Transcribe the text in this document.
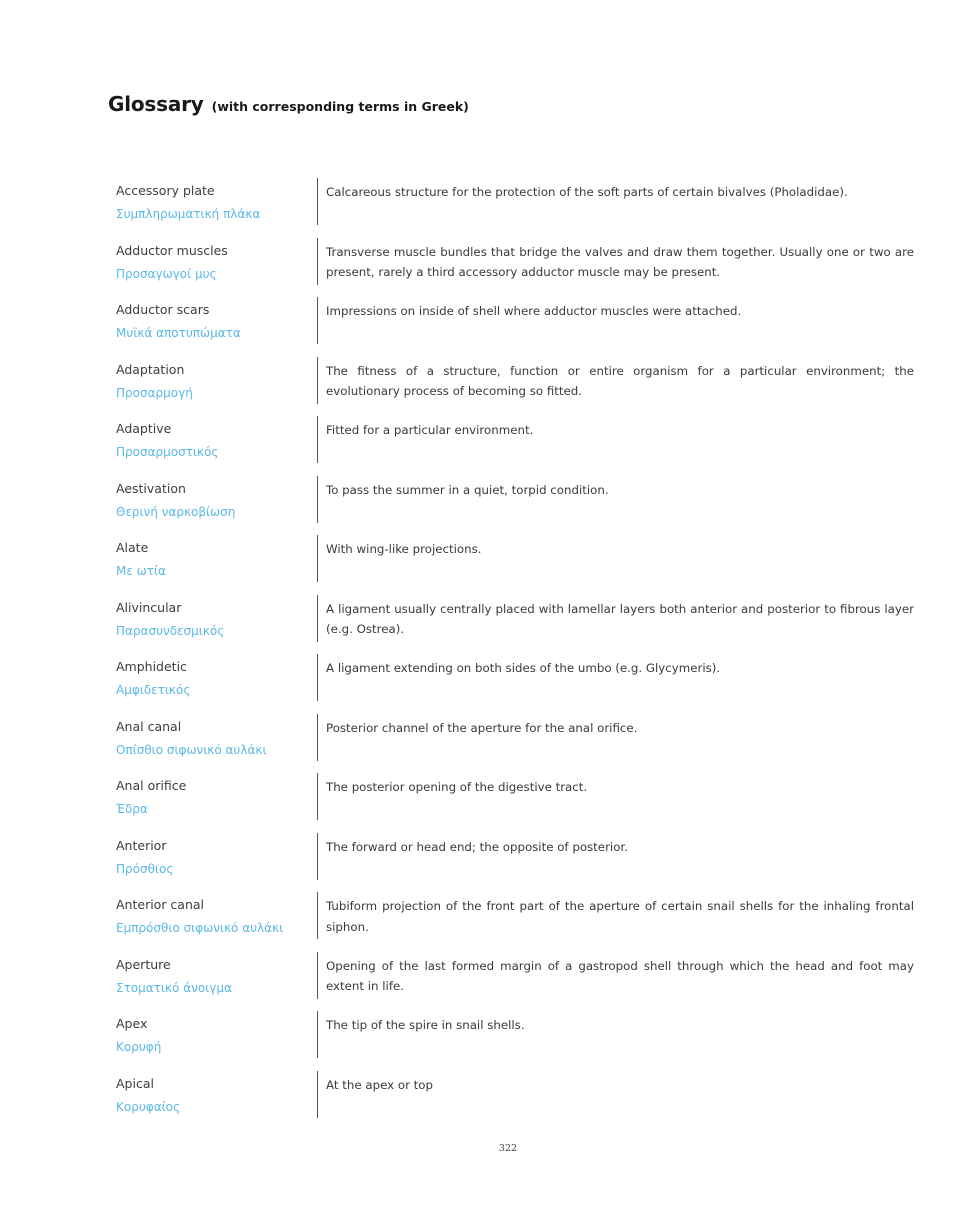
Glossary (with corresponding terms in Greek)
Accessory plate
Συμπληρωματική πλάκα
Calcareous structure for the protection of the soft parts of certain bivalves (Pholadidae).
Adductor muscles
Προσαγωγοί μυς
Transverse muscle bundles that bridge the valves and draw them together. Usually one or two are present, rarely a third accessory adductor muscle may be present.
Adductor scars
Μυϊκά αποτυπώματα
Impressions on inside of shell where adductor muscles were attached.
Adaptation
Προσαρμογή
The fitness of a structure, function or entire organism for a particular environment; the evolutionary process of becoming so fitted.
Adaptive
Προσαρμοστικός
Fitted for a particular environment.
Aestivation
Θερινή ναρκοβίωση
To pass the summer in a quiet, torpid condition.
Alate
Με ωτία
With wing-like projections.
Alivincular
Παρασυνδεσμικός
A ligament usually centrally placed with lamellar layers both anterior and posterior to fibrous layer (e.g. Ostrea).
Amphidetic
Αμφιδετικός
A ligament extending on both sides of the umbo (e.g. Glycymeris).
Anal canal
Οπίσθιο σιφωνικό αυλάκι
Posterior channel of the aperture for the anal orifice.
Anal orifice
Έδρα
The posterior opening of the digestive tract.
Anterior
Πρόσθιος
The forward or head end; the opposite of posterior.
Anterior canal
Εμπρόσθιο σιφωνικό αυλάκι
Tubiform projection of the front part of the aperture of certain snail shells for the inhaling frontal siphon.
Aperture
Στοματικό άνοιγμα
Opening of the last formed margin of a gastropod shell through which the head and foot may extent in life.
Apex
Κορυφή
The tip of the spire in snail shells.
Apical
Κορυφαίος
At the apex or top
322
